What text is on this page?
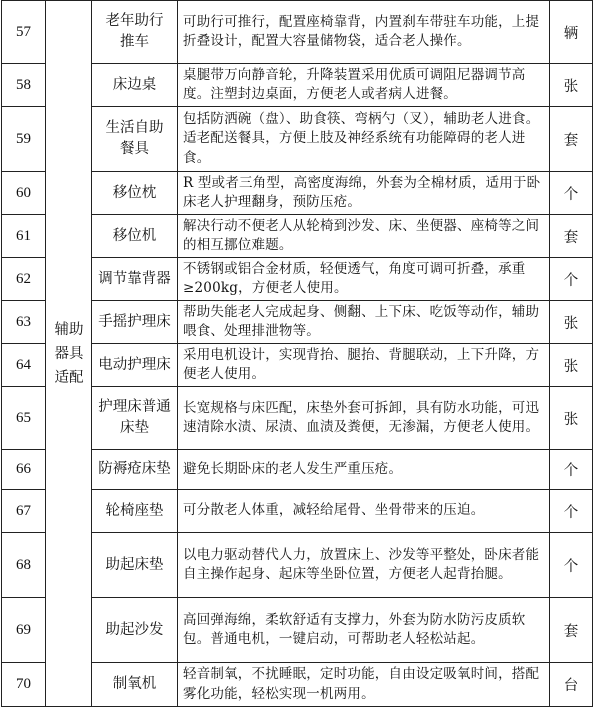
57	辅助器具适配	老年助行推车	可助行可推行，配置座椅靠背，内置刹车带驻车功能，上提折叠设计，配置大容量储物袋，适合老人操作。	辆
58		床边桌	桌腿带万向静音轮，升降装置采用优质可调阻尼器调节高度。注塑封边桌面，方便老人或者病人进餐。	张
59		生活自助餐具	包括防洒碗（盘）、助食筷、弯柄勺（叉），辅助老人进食。适老配送餐具，方便上肢及神经系统有功能障碍的老人进食。	套
60		移位枕	R 型或者三角型，高密度海绵，外套为全棉材质，适用于卧床老人护理翻身，预防压疮。	个
61		移位机	解决行动不便老人从轮椅到沙发、床、坐便器、座椅等之间的相互挪位难题。	套
62		调节靠背器	不锈钢或铝合金材质，轻便透气，角度可调可折叠，承重≥200kg，方便老人使用。	个
63		手摇护理床	帮助失能老人完成起身、侧翻、上下床、吃饭等动作，辅助喂食、处理排泄物等。	张
64		电动护理床	采用电机设计，实现背抬、腿抬、背腿联动，上下升降，方便老人使用。	张
65		护理床普通床垫	长宽规格与床匹配，床垫外套可拆卸，具有防水功能，可迅速清除水渍、尿渍、血渍及粪便，无渗漏，方便老人使用。	张
66		防褥疮床垫	避免长期卧床的老人发生严重压疮。	个
67		轮椅座垫	可分散老人体重，减轻给尾骨、坐骨带来的压迫。	个
68		助起床垫	以电力驱动替代人力，放置床上、沙发等平整处，卧床者能自主操作起身、起床等坐卧位置，方便老人起背抬腿。	个
69		助起沙发	高回弹海绵，柔软舒适有支撑力，外套为防水防污皮质软包。普通电机，一键启动，可帮助老人轻松站起。	套
70		制氧机	轻音制氧，不扰睡眠，定时功能，自由设定吸氧时间，搭配雾化功能，轻松实现一机两用。	台
